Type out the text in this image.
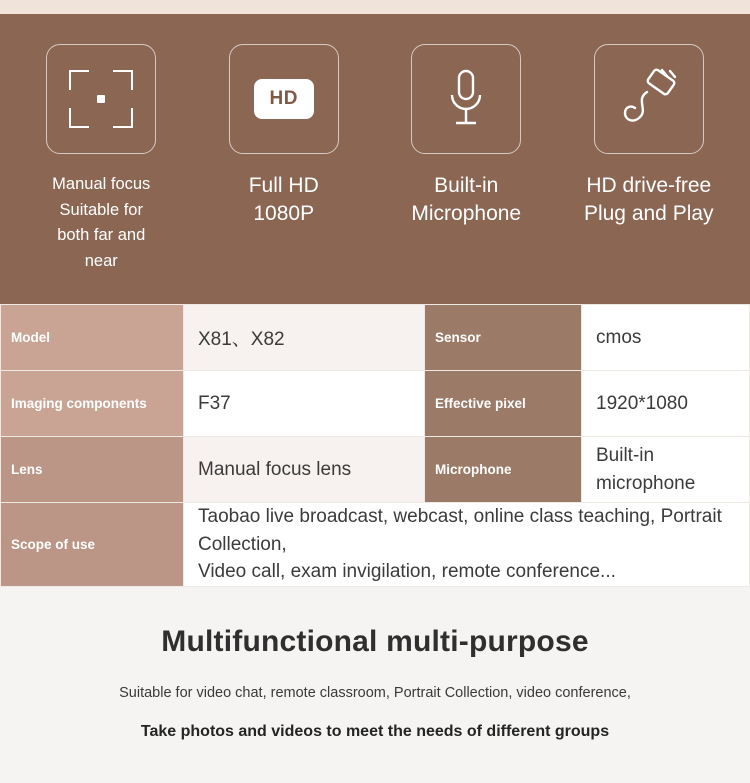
Manual focus
Suitable for
both far and
near
HD
Full HD
1080P
Built-in
Microphone
HD drive-free
Plug and Play
Model	X81、X82	Sensor	cmos
Imaging components	F37	Effective pixel	1920*1080
Lens	Manual focus lens	Microphone	Built-in microphone
Scope of use	Taobao live broadcast, webcast, online class teaching, Portrait Collection,
Video call, exam invigilation, remote conference...		
Multifunctional multi-purpose
Suitable for video chat, remote classroom, Portrait Collection, video conference,
Take photos and videos to meet the needs of different groups
